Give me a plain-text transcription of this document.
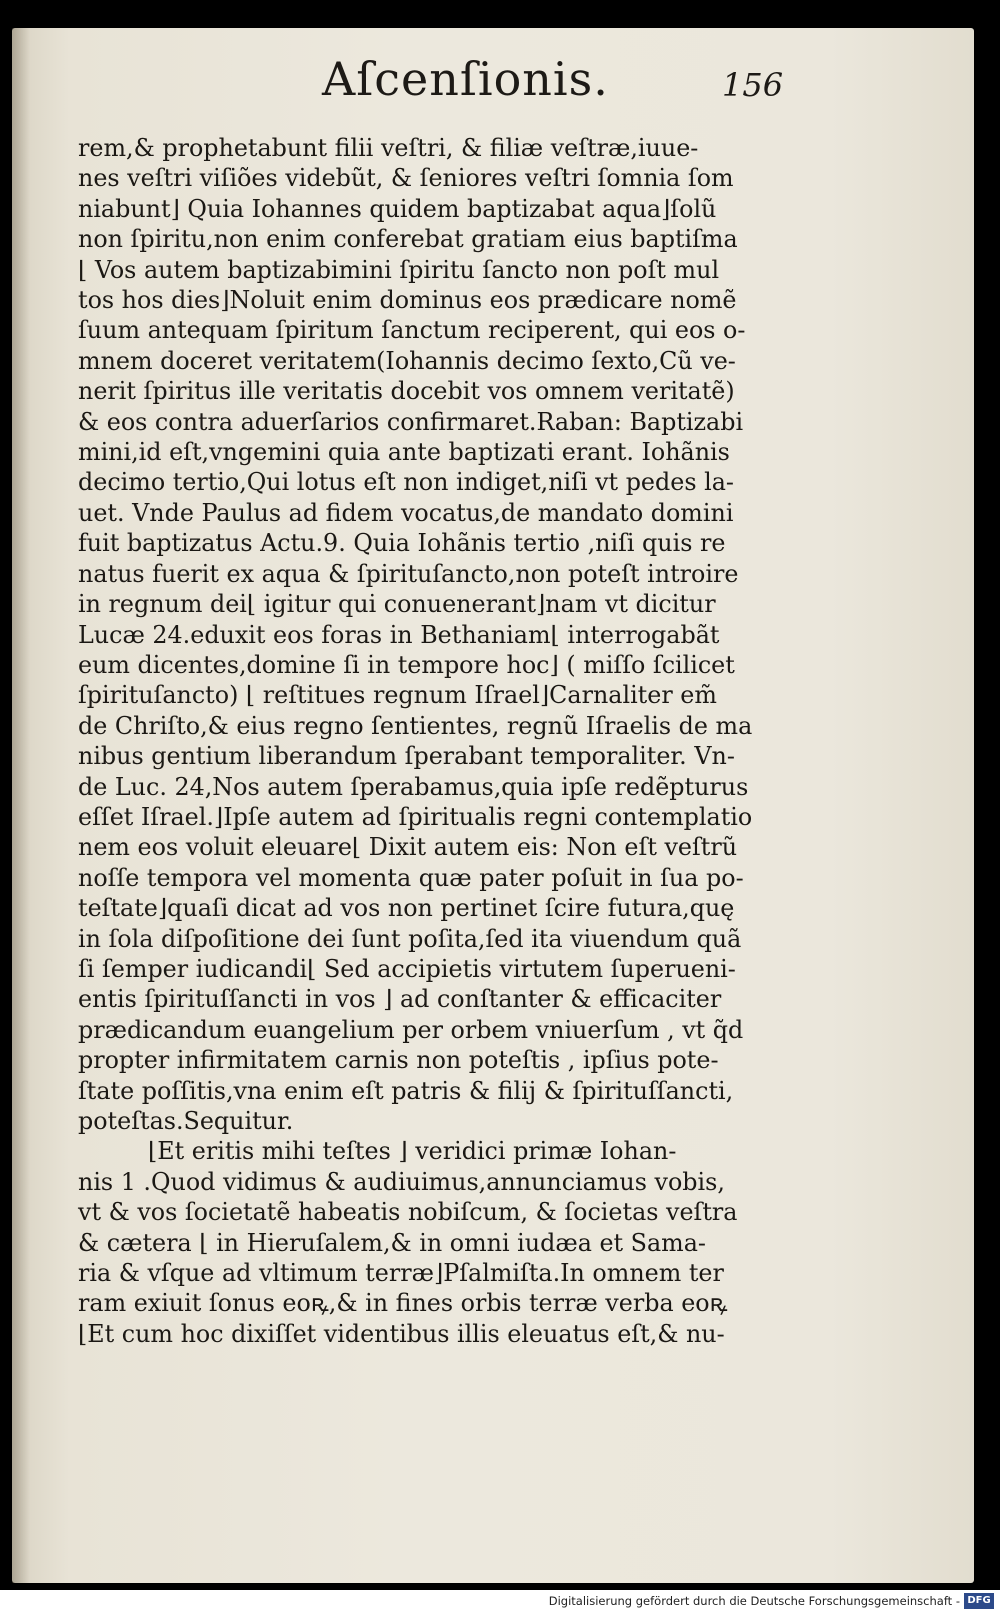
Aſcenſionis.	156
rem,& prophetabunt filii veſtri, & filiæ veſtræ,iuue-
nes veſtri viſiões videbũt, & ſeniores veſtri ſomnia ſom
niabunt⌋ Quia Iohannes quidem baptizabat aqua⌋ſolũ
non ſpiritu,non enim conferebat gratiam eius baptiſma
⌊ Vos autem baptizabimini ſpiritu ſancto non poſt mul
tos hos dies⌋Noluit enim dominus eos prædicare nomẽ
ſuum antequam ſpiritum ſanctum reciperent, qui eos o-
mnem doceret veritatem(Iohannis decimo ſexto,Cũ ve-
nerit ſpiritus ille veritatis docebit vos omnem veritatẽ)
& eos contra aduerſarios confirmaret.Raban: Baptizabi
mini,id eſt,vngemini quia ante baptizati erant. Iohãnis
decimo tertio,Qui lotus eſt non indiget,niſi vt pedes la-
uet. Vnde Paulus ad fidem vocatus,de mandato domini
fuit baptizatus Actu.9. Quia Iohãnis tertio ,niſi quis re
natus fuerit ex aqua & ſpirituſancto,non poteſt introire
in regnum dei⌊ igitur qui conuenerant⌋nam vt dicitur
Lucæ 24.eduxit eos foras in Bethaniam⌊ interrogabãt
eum dicentes,domine ſi in tempore hoc⌋ ( miſſo ſcilicet
ſpirituſancto) ⌊ reſtitues regnum Iſrael⌋Carnaliter em̃
de Chriſto,& eius regno ſentientes, regnũ Iſraelis de ma
nibus gentium liberandum ſperabant temporaliter. Vn-
de Luc. 24,Nos autem ſperabamus,quia ipſe redẽpturus
eſſet Iſrael.⌋Ipſe autem ad ſpiritualis regni contemplatio
nem eos voluit eleuare⌊ Dixit autem eis: Non eſt veſtrũ
noſſe tempora vel momenta quæ pater poſuit in ſua po-
teſtate⌋quaſi dicat ad vos non pertinet ſcire futura,quę
in ſola diſpoſitione dei ſunt poſita,ſed ita viuendum quã
ſi ſemper iudicandi⌊ Sed accipietis virtutem ſuperueni-
entis ſpirituſſancti in vos ⌋ ad conſtanter & efficaciter
prædicandum euangelium per orbem vniuerſum , vt q̃d
propter infirmitatem carnis non poteſtis , ipſius pote-
ſtate poſſitis,vna enim eſt patris & filij & ſpirituſſancti,
poteſtas.Sequitur.
⌊Et eritis mihi teſtes ⌋ veridici primæ Iohan-
nis 1 .Quod vidimus & audiuimus,annunciamus vobis,
vt & vos ſocietatẽ habeatis nobiſcum, & ſocietas veſtra
& cætera ⌊ in Hieruſalem,& in omni iudæa et Sama-
ria & vſque ad vltimum terræ⌋Pſalmiſta.In omnem ter
ram exiuit ſonus eoꝶ,& in fines orbis terræ verba eoꝶ
⌊Et cum hoc dixiſſet videntibus illis eleuatus eſt,& nu-
Digitalisierung gefördert durch die Deutsche Forschungsgemeinschaft - DFG
